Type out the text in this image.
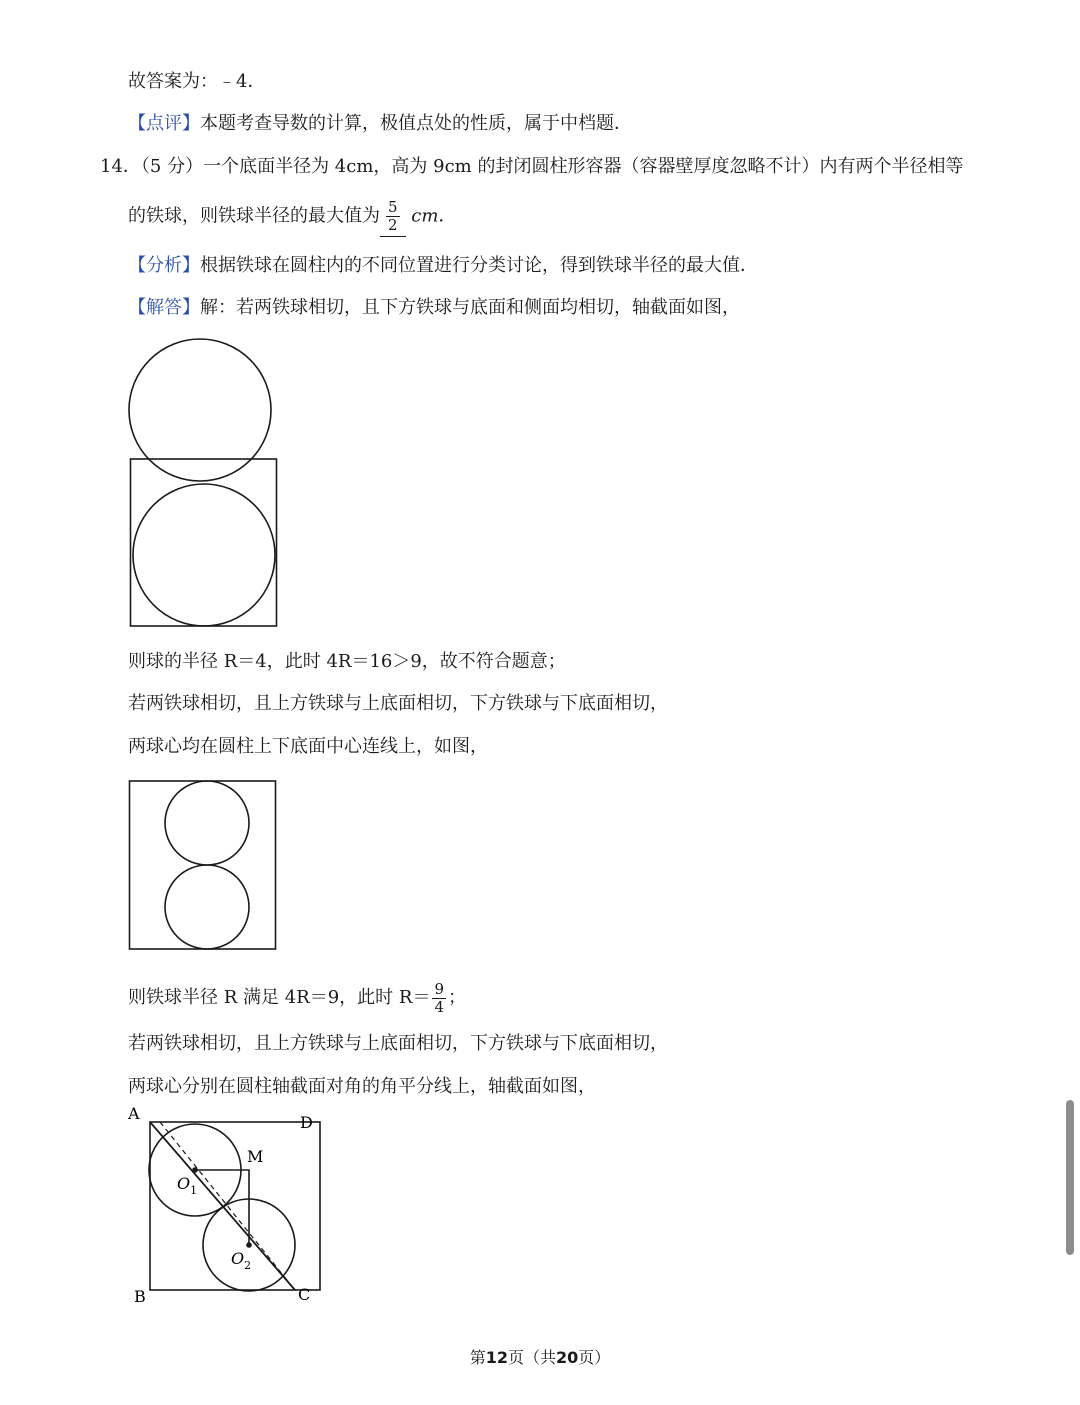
故答案为：﹣4．
【点评】本题考查导数的计算，极值点处的性质，属于中档题．
14．（5 分）一个底面半径为 4cm，高为 9cm 的封闭圆柱形容器（容器壁厚度忽略不计）内有两个半径相等
的铁球，则铁球半径的最大值为 $\frac{5}{2}$ cm．
【分析】根据铁球在圆柱内的不同位置进行分类讨论，得到铁球半径的最大值．
【解答】解：若两铁球相切，且下方铁球与底面和侧面均相切，轴截面如图，
则球的半径 R＝4，此时 4R＝16＞9，故不符合题意；
若两铁球相切，且上方铁球与上底面相切，下方铁球与下底面相切，
两球心均在圆柱上下底面中心连线上，如图，
则铁球半径 R 满足 4R＝9，此时 $R= \frac{9}{4}$ ；
若两铁球相切，且上方铁球与上底面相切，下方铁球与下底面相切，
两球心分别在圆柱轴截面对角的角平分线上，轴截面如图，
A	D
B	C
M
$O_1$
$O_2$
第12页（共20页）
